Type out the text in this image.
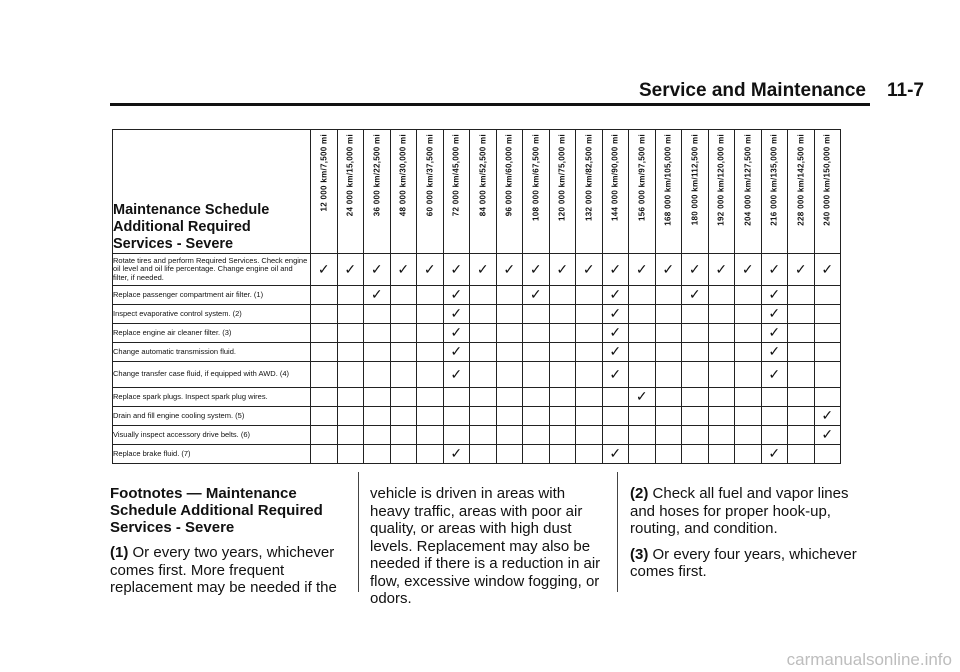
Service and Maintenance 11-7
Maintenance Schedule Additional Required Services - Severe	12 000 km/7,500 mi	24 000 km/15,000 mi	36 000 km/22,500 mi	48 000 km/30,000 mi	60 000 km/37,500 mi	72 000 km/45,000 mi	84 000 km/52,500 mi	96 000 km/60,000 mi	108 000 km/67,500 mi	120 000 km/75,000 mi	132 000 km/82,500 mi	144 000 km/90,000 mi	156 000 km/97,500 mi	168 000 km/105,000 mi	180 000 km/112,500 mi	192 000 km/120,000 mi	204 000 km/127,500 mi	216 000 km/135,000 mi	228 000 km/142,500 mi	240 000 km/150,000 mi

Rotate tires and perform Required Services. Check engine oil level and oil life percentage. Change engine oil and filter, if needed.	✓	✓	✓	✓	✓	✓	✓	✓	✓	✓	✓	✓	✓	✓	✓	✓	✓	✓	✓	✓
Replace passenger compartment air filter. (1)			✓			✓			✓			✓			✓			✓		
Inspect evaporative control system. (2)						✓						✓						✓		
Replace engine air cleaner filter. (3)						✓						✓						✓		
Change automatic transmission fluid.						✓						✓						✓		
Change transfer case fluid, if equipped with AWD. (4)						✓						✓						✓		
Replace spark plugs. Inspect spark plug wires.													✓							
Drain and fill engine cooling system. (5)																				✓
Visually inspect accessory drive belts. (6)																				✓
Replace brake fluid. (7)						✓						✓						✓		
Footnotes — Maintenance Schedule Additional Required Services - Severe

(1) Or every two years, whichever comes first. More frequent replacement may be needed if the

vehicle is driven in areas with heavy traffic, areas with poor air quality, or areas with high dust levels. Replacement may also be needed if there is a reduction in air flow, excessive window fogging, or odors.

(2) Check all fuel and vapor lines and hoses for proper hook-up, routing, and condition.

(3) Or every four years, whichever comes first.

carmanualsonline.info
